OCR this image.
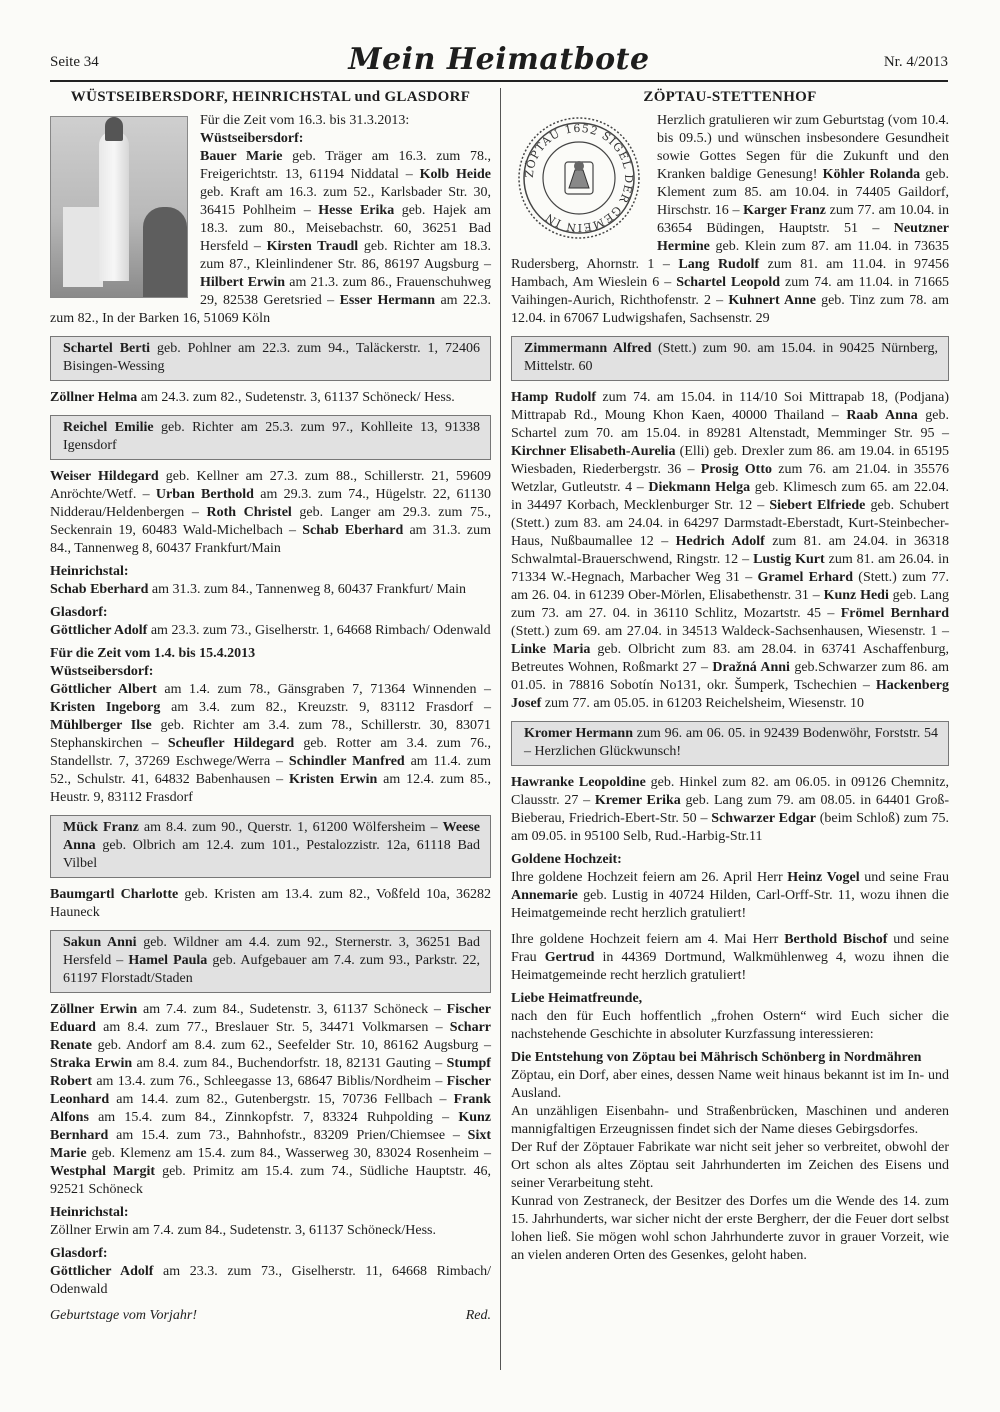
Seite 34	Mein Heimatbote	Nr. 4/2013
WÜSTSEIBERSDORF, HEINRICHSTAL und GLASDORF
Für die Zeit vom 16.3. bis 31.3.2013:
Wüstseibersdorf:
Bauer Marie geb. Träger am 16.3. zum 78., Freigerichtstr. 13, 61194 Niddatal – Kolb Heide geb. Kraft am 16.3. zum 52., Karlsbader Str. 30, 36415 Pohlheim – Hesse Erika geb. Hajek am 18.3. zum 80., Meisebachstr. 60, 36251 Bad Hersfeld – Kirsten Traudl geb. Richter am 18.3. zum 87., Kleinlindener Str. 86, 86197 Augsburg – Hilbert Erwin am 21.3. zum 86., Frauenschuhweg 29, 82538 Geretsried – Esser Hermann am 22.3. zum 82., In der Barken 16, 51069 Köln
Schartel Berti geb. Pohlner am 22.3. zum 94., Taläckerstr. 1, 72406 Bisingen-Wessing
Zöllner Helma am 24.3. zum 82., Sudetenstr. 3, 61137 Schöneck/ Hess.
Reichel Emilie geb. Richter am 25.3. zum 97., Kohlleite 13, 91338 Igensdorf
Weiser Hildegard geb. Kellner am 27.3. zum 88., Schillerstr. 21, 59609 Anröchte/Wetf. – Urban Berthold am 29.3. zum 74., Hügelstr. 22, 61130 Nidderau/Heldenbergen – Roth Christel geb. Langer am 29.3. zum 75., Seckenrain 19, 60483 Wald-Michelbach – Schab Eberhard am 31.3. zum 84., Tannenweg 8, 60437 Frankfurt/Main
Heinrichstal:
Schab Eberhard am 31.3. zum 84., Tannenweg 8, 60437 Frankfurt/ Main
Glasdorf:
Göttlicher Adolf am 23.3. zum 73., Giselherstr. 1, 64668 Rimbach/ Odenwald
Für die Zeit vom 1.4. bis 15.4.2013
Wüstseibersdorf:
Göttlicher Albert am 1.4. zum 78., Gänsgraben 7, 71364 Winnenden – Kristen Ingeborg am 3.4. zum 82., Kreuzstr. 9, 83112 Frasdorf – Mühlberger Ilse geb. Richter am 3.4. zum 78., Schillerstr. 30, 83071 Stephanskirchen – Scheufler Hildegard geb. Rotter am 3.4. zum 76., Standellstr. 7, 37269 Eschwege/Werra – Schindler Manfred am 11.4. zum 52., Schulstr. 41, 64832 Babenhausen – Kristen Erwin am 12.4. zum 85., Heustr. 9, 83112 Frasdorf
Mück Franz am 8.4. zum 90., Querstr. 1, 61200 Wölfersheim – Weese Anna geb. Olbrich am 12.4. zum 101., Pestalozzistr. 12a, 61118 Bad Vilbel
Baumgartl Charlotte geb. Kristen am 13.4. zum 82., Voßfeld 10a, 36282 Hauneck
Sakun Anni geb. Wildner am 4.4. zum 92., Sternerstr. 3, 36251 Bad Hersfeld – Hamel Paula geb. Aufgebauer am 7.4. zum 93., Parkstr. 22, 61197 Florstadt/Staden
Zöllner Erwin am 7.4. zum 84., Sudetenstr. 3, 61137 Schöneck – Fischer Eduard am 8.4. zum 77., Breslauer Str. 5, 34471 Volkmarsen – Scharr Renate geb. Andorf am 8.4. zum 62., Seefelder Str. 10, 86162 Augsburg – Straka Erwin am 8.4. zum 84., Buchendorfstr. 18, 82131 Gauting – Stumpf Robert am 13.4. zum 76., Schleegasse 13, 68647 Biblis/Nordheim – Fischer Leonhard am 14.4. zum 82., Gutenbergstr. 15, 70736 Fellbach – Frank Alfons am 15.4. zum 84., Zinnkopfstr. 7, 83324 Ruhpolding – Kunz Bernhard am 15.4. zum 73., Bahnhofstr., 83209 Prien/Chiemsee – Sixt Marie geb. Klemenz am 15.4. zum 84., Wasserweg 30, 83024 Rosenheim – Westphal Margit geb. Primitz am 15.4. zum 74., Südliche Hauptstr. 46, 92521 Schöneck
Heinrichstal:
Zöllner Erwin am 7.4. zum 84., Sudetenstr. 3, 61137 Schöneck/Hess.
Glasdorf:
Göttlicher Adolf am 23.3. zum 73., Giselherstr. 11, 64668 Rimbach/ Odenwald
Geburtstage vom Vorjahr!	Red.
ZÖPTAU-STETTENHOF
ZÖPTAU 1652 SIGEL DER GEMEIN IN
Herzlich gratulieren wir zum Geburtstag (vom 10.4. bis 09.5.) und wünschen insbesondere Gesundheit sowie Gottes Segen für die Zukunft und den Kranken baldige Genesung! Köhler Rolanda geb. Klement zum 85. am 10.04. in 74405 Gaildorf, Hirschstr. 16 – Karger Franz zum 77. am 10.04. in 63654 Büdingen, Hauptstr. 51 – Neutzner Hermine geb. Klein zum 87. am 11.04. in 73635 Rudersberg, Ahornstr. 1 – Lang Rudolf zum 81. am 11.04. in 97456 Hambach, Am Wieslein 6 – Schartel Leopold zum 74. am 11.04. in 71665 Vaihingen-Aurich, Richthofenstr. 2 – Kuhnert Anne geb. Tinz zum 78. am 12.04. in 67067 Ludwigshafen, Sachsenstr. 29
Zimmermann Alfred (Stett.) zum 90. am 15.04. in 90425 Nürnberg, Mittelstr. 60
Hamp Rudolf zum 74. am 15.04. in 114/10 Soi Mittrapab 18, (Podjana) Mittrapab Rd., Moung Khon Kaen, 40000 Thailand – Raab Anna geb. Schartel zum 70. am 15.04. in 89281 Altenstadt, Memminger Str. 95 – Kirchner Elisabeth-Aurelia (Elli) geb. Drexler zum 86. am 19.04. in 65195 Wiesbaden, Riederbergstr. 36 – Prosig Otto zum 76. am 21.04. in 35576 Wetzlar, Gutleutstr. 4 – Diekmann Helga geb. Klimesch zum 65. am 22.04. in 34497 Korbach, Mecklenburger Str. 12 – Siebert Elfriede geb. Schubert (Stett.) zum 83. am 24.04. in 64297 Darmstadt-Eberstadt, Kurt-Steinbecher-Haus, Nußbaumallee 12 – Hedrich Adolf zum 81. am 24.04. in 36318 Schwalmtal-Brauerschwend, Ringstr. 12 – Lustig Kurt zum 81. am 26.04. in 71334 W.-Hegnach, Marbacher Weg 31 – Gramel Erhard (Stett.) zum 77. am 26. 04. in 61239 Ober-Mörlen, Elisabethenstr. 31 – Kunz Hedi geb. Lang zum 73. am 27. 04. in 36110 Schlitz, Mozartstr. 45 – Frömel Bernhard (Stett.) zum 69. am 27.04. in 34513 Waldeck-Sachsenhausen, Wiesenstr. 1 – Linke Maria geb. Olbricht zum 83. am 28.04. in 63741 Aschaffenburg, Betreutes Wohnen, Roßmarkt 27 – Dražná Anni geb.Schwarzer zum 86. am 01.05. in 78816 Sobotín No131, okr. Šumperk, Tschechien – Hackenberg Josef zum 77. am 05.05. in 61203 Reichelsheim, Wiesenstr. 10
Kromer Hermann zum 96. am 06. 05. in 92439 Bodenwöhr, Forststr. 54 – Herzlichen Glückwunsch!
Hawranke Leopoldine geb. Hinkel zum 82. am 06.05. in 09126 Chemnitz, Clausstr. 27 – Kremer Erika geb. Lang zum 79. am 08.05. in 64401 Groß-Bieberau, Friedrich-Ebert-Str. 50 – Schwarzer Edgar (beim Schloß) zum 75. am 09.05. in 95100 Selb, Rud.-Harbig-Str.11
Goldene Hochzeit:
Ihre goldene Hochzeit feiern am 26. April Herr Heinz Vogel und seine Frau Annemarie geb. Lustig in 40724 Hilden, Carl-Orff-Str. 11, wozu ihnen die Heimatgemeinde recht herzlich gratuliert!
Ihre goldene Hochzeit feiern am 4. Mai Herr Berthold Bischof und seine Frau Gertrud in 44369 Dortmund, Walkmühlenweg 4, wozu ihnen die Heimatgemeinde recht herzlich gratuliert!
Liebe Heimatfreunde,
nach den für Euch hoffentlich „frohen Ostern“ wird Euch sicher die nachstehende Geschichte in absoluter Kurzfassung interessieren:
Die Entstehung von Zöptau bei Mährisch Schönberg in Nordmähren
Zöptau, ein Dorf, aber eines, dessen Name weit hinaus bekannt ist im In- und Ausland.
An unzähligen Eisenbahn- und Straßenbrücken, Maschinen und anderen mannigfaltigen Erzeugnissen findet sich der Name dieses Gebirgsdorfes.
Der Ruf der Zöptauer Fabrikate war nicht seit jeher so verbreitet, obwohl der Ort schon als altes Zöptau seit Jahrhunderten im Zeichen des Eisens und seiner Verarbeitung steht.
Kunrad von Zestraneck, der Besitzer des Dorfes um die Wende des 14. zum 15. Jahrhunderts, war sicher nicht der erste Bergherr, der die Feuer dort selbst lohen ließ. Sie mögen wohl schon Jahrhunderte zuvor in grauer Vorzeit, wie an vielen anderen Orten des Gesenkes, geloht haben.
